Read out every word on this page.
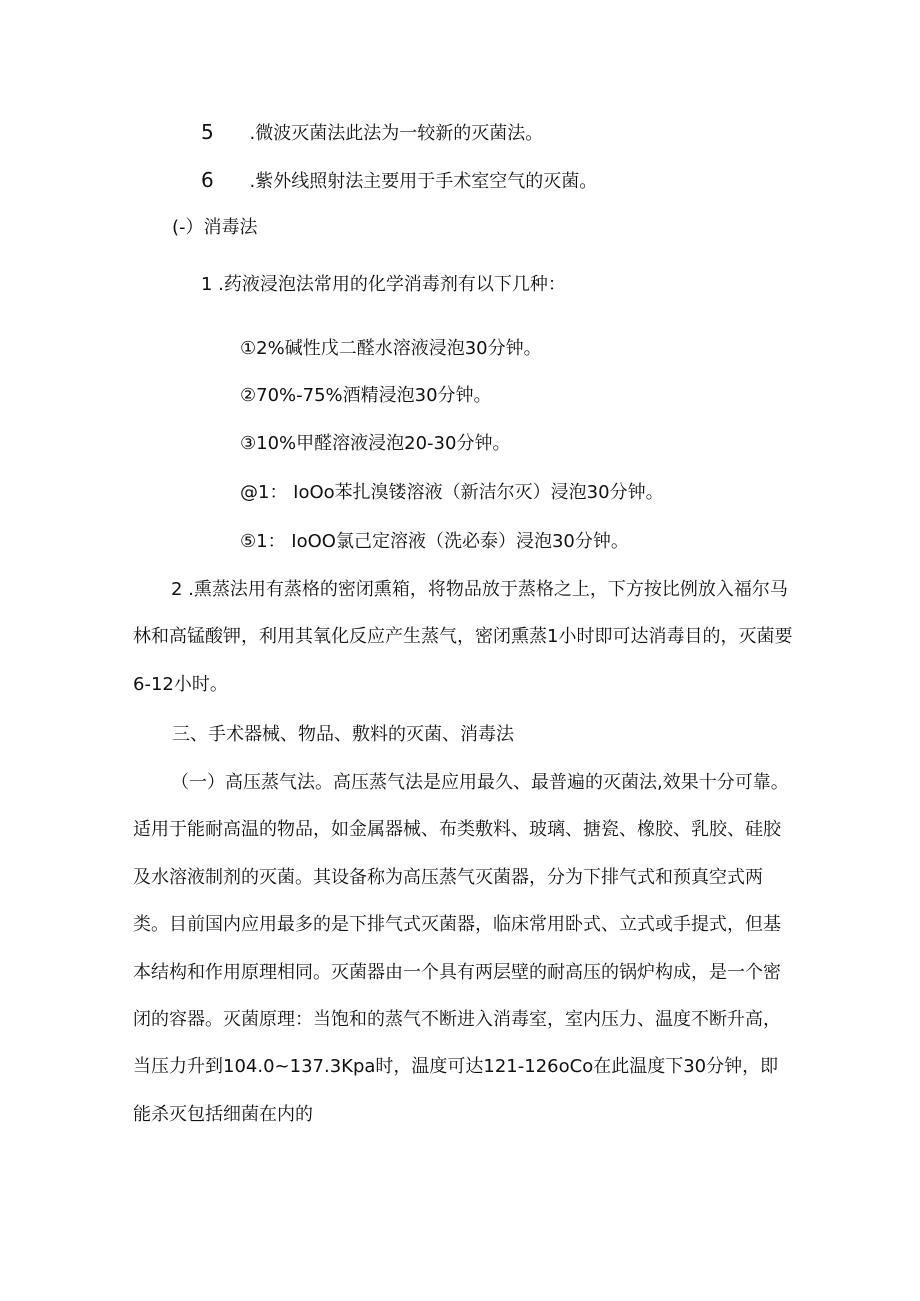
5 .微波灭菌法此法为一较新的灭菌法。
6 .紫外线照射法主要用于手术室空气的灭菌。
(-）消毒法
1 .药液浸泡法常用的化学消毒剂有以下几种：
①2%碱性戊二醛水溶液浸泡30分钟。
②70%-75%酒精浸泡30分钟。
③10%甲醛溶液浸泡20-30分钟。
@1： IoOo苯扎溴镂溶液（新洁尔灭）浸泡30分钟。
⑤1： IoOO氯己定溶液（洗必泰）浸泡30分钟。

2 .熏蒸法用有蒸格的密闭熏箱，将物品放于蒸格之上，下方按比例放入福尔马林和高锰酸钾，利用其氧化反应产生蒸气，密闭熏蒸1小时即可达消毒目的，灭菌要6-12小时。

三、手术器械、物品、敷料的灭菌、消毒法

（一）高压蒸气法。高压蒸气法是应用最久、最普遍的灭菌法,效果十分可靠。适用于能耐高温的物品，如金属器械、布类敷料、玻璃、搪瓷、橡胶、乳胶、硅胶及水溶液制剂的灭菌。其设备称为高压蒸气灭菌器，分为下排气式和预真空式两类。目前国内应用最多的是下排气式灭菌器，临床常用卧式、立式或手提式，但基本结构和作用原理相同。灭菌器由一个具有两层壁的耐高压的锅炉构成，是一个密闭的容器。灭菌原理：当饱和的蒸气不断进入消毒室，室内压力、温度不断升高，当压力升到104.0~137.3Kpa时，温度可达121-126oCo在此温度下30分钟，即能杀灭包括细菌在内的
